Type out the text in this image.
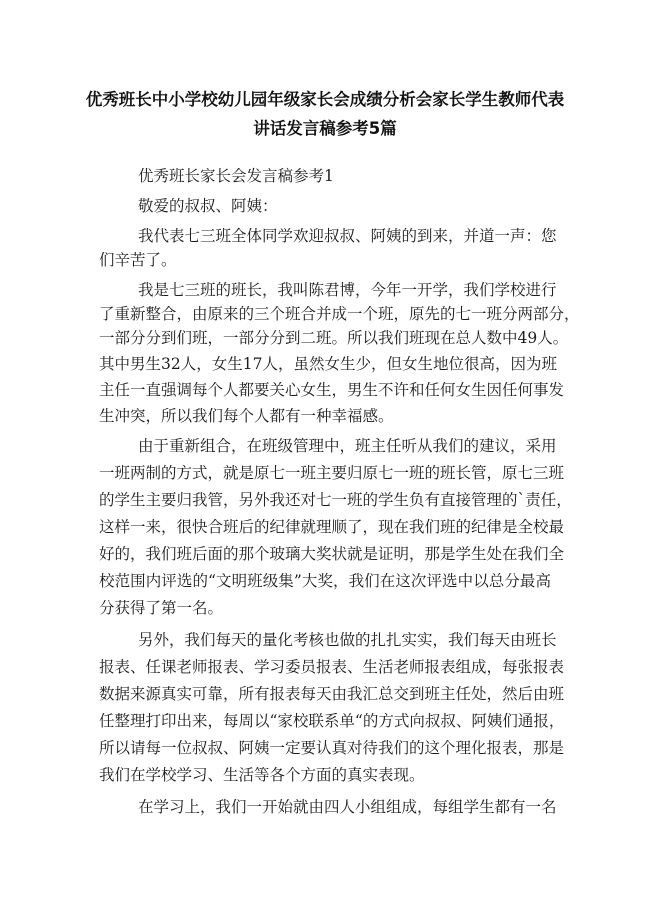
优秀班长中小学校幼儿园年级家长会成绩分析会家长学生教师代表
讲话发言稿参考5篇
优秀班长家长会发言稿参考1
敬爱的叔叔、阿姨：
我代表七三班全体同学欢迎叔叔、阿姨的到来，并道一声：您
们辛苦了。
我是七三班的班长，我叫陈君博，今年一开学，我们学校进行
了重新整合，由原来的三个班合并成一个班，原先的七一班分两部分，
一部分分到们班，一部分分到二班。所以我们班现在总人数中49人。
其中男生32人，女生17人，虽然女生少，但女生地位很高，因为班
主任一直强调每个人都要关心女生，男生不许和任何女生因任何事发
生冲突，所以我们每个人都有一种幸福感。
由于重新组合，在班级管理中，班主任听从我们的建议，采用
一班两制的方式，就是原七一班主要归原七一班的班长管，原七三班
的学生主要归我管，另外我还对七一班的学生负有直接管理的`责任，
这样一来，很快合班后的纪律就理顺了，现在我们班的纪律是全校最
好的，我们班后面的那个玻璃大奖状就是证明，那是学生处在我们全
校范围内评选的“文明班级集”大奖，我们在这次评选中以总分最高
分获得了第一名。
另外，我们每天的量化考核也做的扎扎实实，我们每天由班长
报表、任课老师报表、学习委员报表、生活老师报表组成，每张报表
数据来源真实可靠，所有报表每天由我汇总交到班主任处，然后由班
任整理打印出来，每周以“家校联系单“的方式向叔叔、阿姨们通报，
所以请每一位叔叔、阿姨一定要认真对待我们的这个理化报表，那是
我们在学校学习、生活等各个方面的真实表现。
在学习上，我们一开始就由四人小组组成，每组学生都有一名
